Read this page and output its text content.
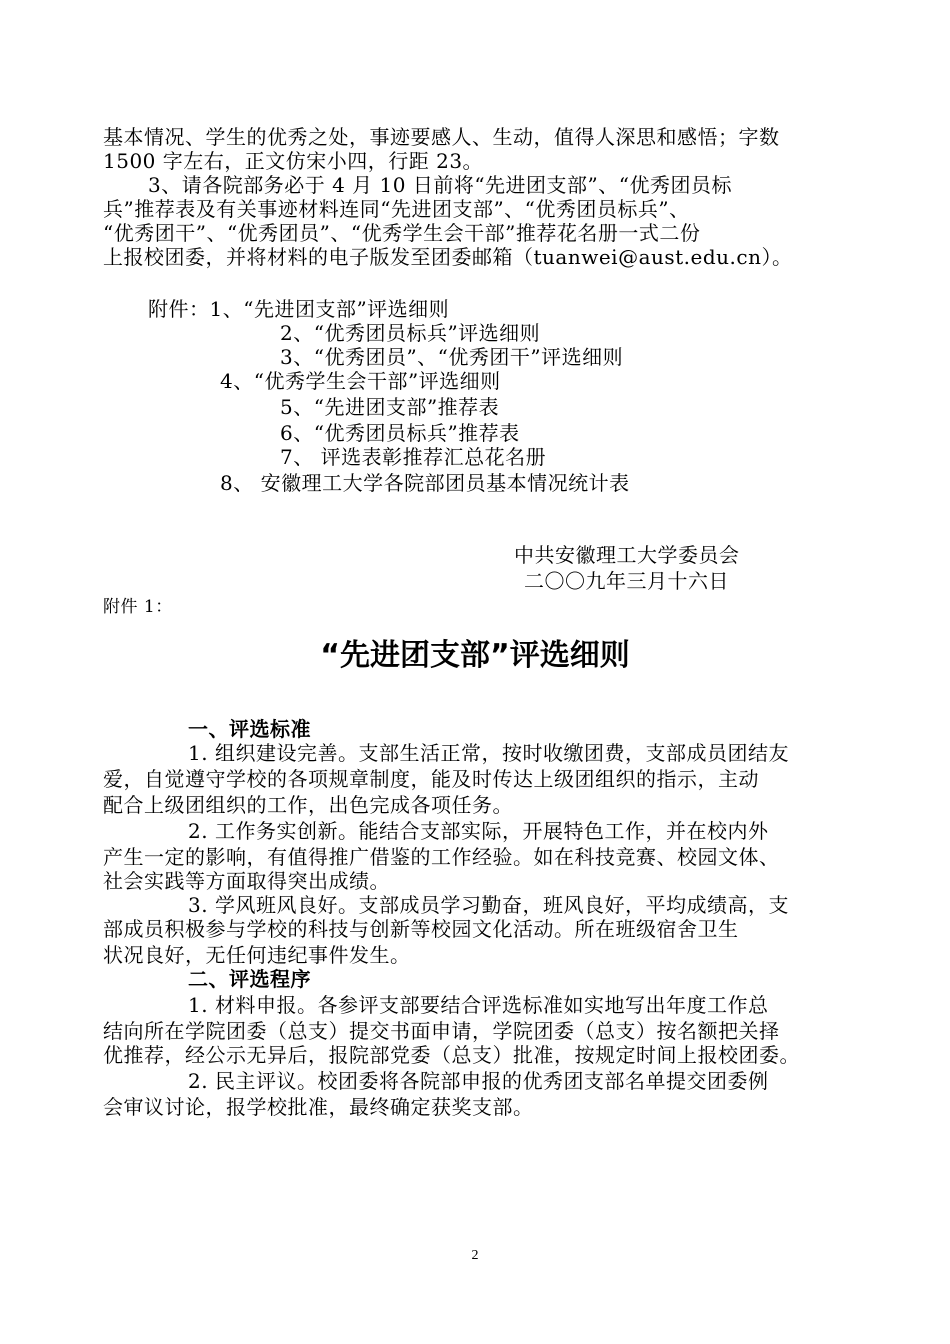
基本情况、学生的优秀之处，事迹要感人、生动，值得人深思和感悟；字数
1500 字左右，正文仿宋小四，行距 23。
3、请各院部务必于 4 月 10 日前将“先进团支部”、“优秀团员标
兵”推荐表及有关事迹材料连同“先进团支部”、“优秀团员标兵”、
“优秀团干”、“优秀团员”、“优秀学生会干部”推荐花名册一式二份
上报校团委，并将材料的电子版发至团委邮箱（tuanwei@aust.edu.cn）。
附件：1、“先进团支部”评选细则
2、“优秀团员标兵”评选细则
3、“优秀团员”、“优秀团干”评选细则
4、“优秀学生会干部”评选细则
5、“先进团支部”推荐表
6、“优秀团员标兵”推荐表
7、 评选表彰推荐汇总花名册
8、 安徽理工大学各院部团员基本情况统计表
中共安徽理工大学委员会
二〇〇九年三月十六日
附件 1：
“先进团支部”评选细则
一、评选标准
1. 组织建设完善。支部生活正常，按时收缴团费，支部成员团结友
爱，自觉遵守学校的各项规章制度，能及时传达上级团组织的指示，主动
配合上级团组织的工作，出色完成各项任务。
2. 工作务实创新。能结合支部实际，开展特色工作，并在校内外
产生一定的影响，有值得推广借鉴的工作经验。如在科技竞赛、校园文体、
社会实践等方面取得突出成绩。
3. 学风班风良好。支部成员学习勤奋，班风良好，平均成绩高，支
部成员积极参与学校的科技与创新等校园文化活动。所在班级宿舍卫生
状况良好，无任何违纪事件发生。
二、评选程序
1. 材料申报。各参评支部要结合评选标准如实地写出年度工作总
结向所在学院团委（总支）提交书面申请，学院团委（总支）按名额把关择
优推荐，经公示无异后，报院部党委（总支）批准，按规定时间上报校团委。
2. 民主评议。校团委将各院部申报的优秀团支部名单提交团委例
会审议讨论，报学校批准，最终确定获奖支部。
2
